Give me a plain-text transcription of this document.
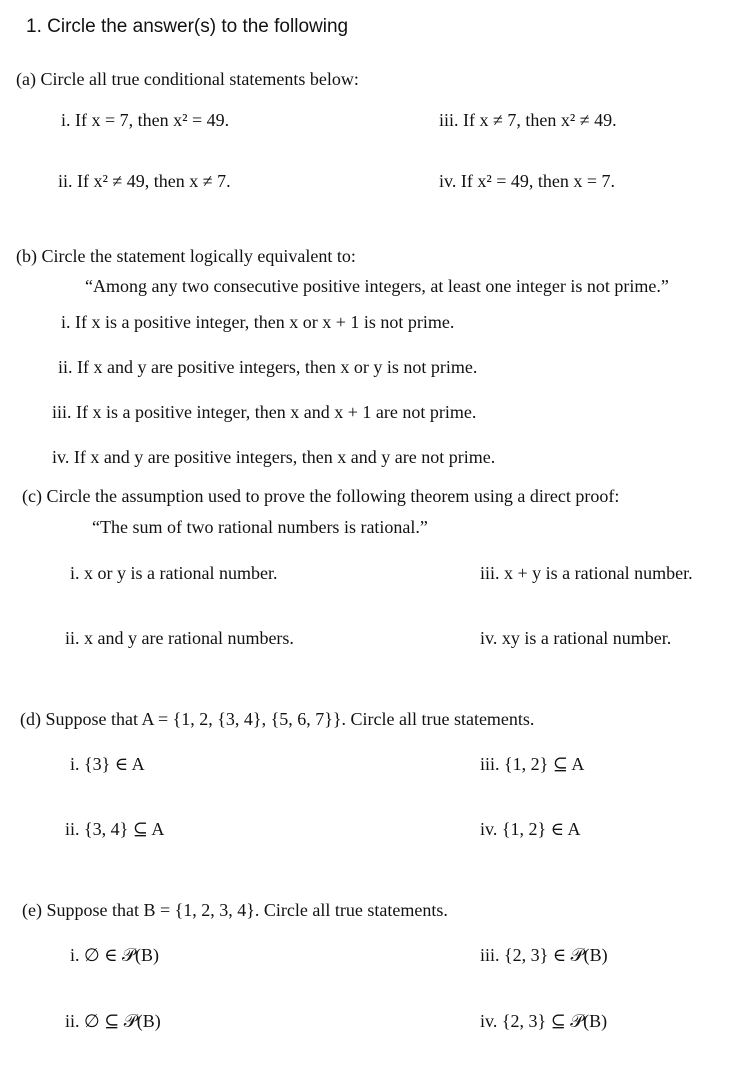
1. Circle the answer(s) to the following
(a) Circle all true conditional statements below:
i. If x = 7, then x² = 49.
ii. If x² ≠ 49, then x ≠ 7.
iii. If x ≠ 7, then x² ≠ 49.
iv. If x² = 49, then x = 7.
(b) Circle the statement logically equivalent to:
“Among any two consecutive positive integers, at least one integer is not prime.”
i. If x is a positive integer, then x or x + 1 is not prime.
ii. If x and y are positive integers, then x or y is not prime.
iii. If x is a positive integer, then x and x + 1 are not prime.
iv. If x and y are positive integers, then x and y are not prime.
(c) Circle the assumption used to prove the following theorem using a direct proof:
“The sum of two rational numbers is rational.”
i. x or y is a rational number.
ii. x and y are rational numbers.
iii. x + y is a rational number.
iv. xy is a rational number.
(d) Suppose that A = {1, 2, {3, 4}, {5, 6, 7}}. Circle all true statements.
i. {3} ∈ A
ii. {3, 4} ⊆ A
iii. {1, 2} ⊆ A
iv. {1, 2} ∈ A
(e) Suppose that B = {1, 2, 3, 4}. Circle all true statements.
i. ∅ ∈ 𝒫(B)
ii. ∅ ⊆ 𝒫(B)
iii. {2, 3} ∈ 𝒫(B)
iv. {2, 3} ⊆ 𝒫(B)
